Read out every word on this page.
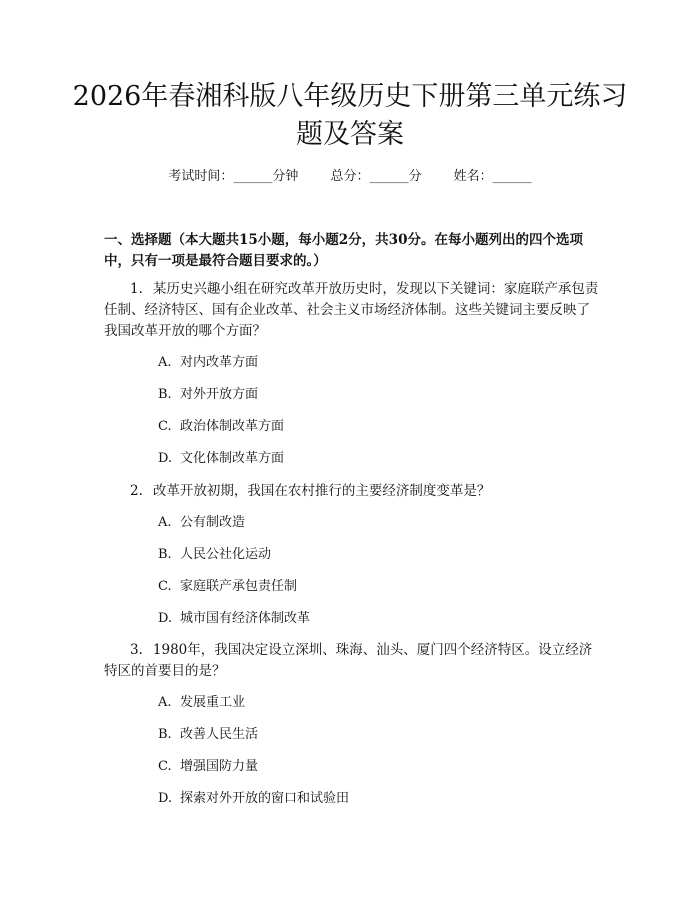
2026年春湘科版八年级历史下册第三单元练习题及答案
考试时间：______分钟 总分：______分 姓名：______

一、选择题（本大题共15小题，每小题2分，共30分。在每小题列出的四个选项中，只有一项是最符合题目要求的。）

1. 某历史兴趣小组在研究改革开放历史时，发现以下关键词：家庭联产承包责任制、经济特区、国有企业改革、社会主义市场经济体制。这些关键词主要反映了我国改革开放的哪个方面？

A. 对内改革方面

B. 对外开放方面

C. 政治体制改革方面

D. 文化体制改革方面

2. 改革开放初期，我国在农村推行的主要经济制度变革是？

A. 公有制改造

B. 人民公社化运动

C. 家庭联产承包责任制

D. 城市国有经济体制改革

3. 1980年，我国决定设立深圳、珠海、汕头、厦门四个经济特区。设立经济特区的首要目的是？

A. 发展重工业

B. 改善人民生活

C. 增强国防力量

D. 探索对外开放的窗口和试验田
